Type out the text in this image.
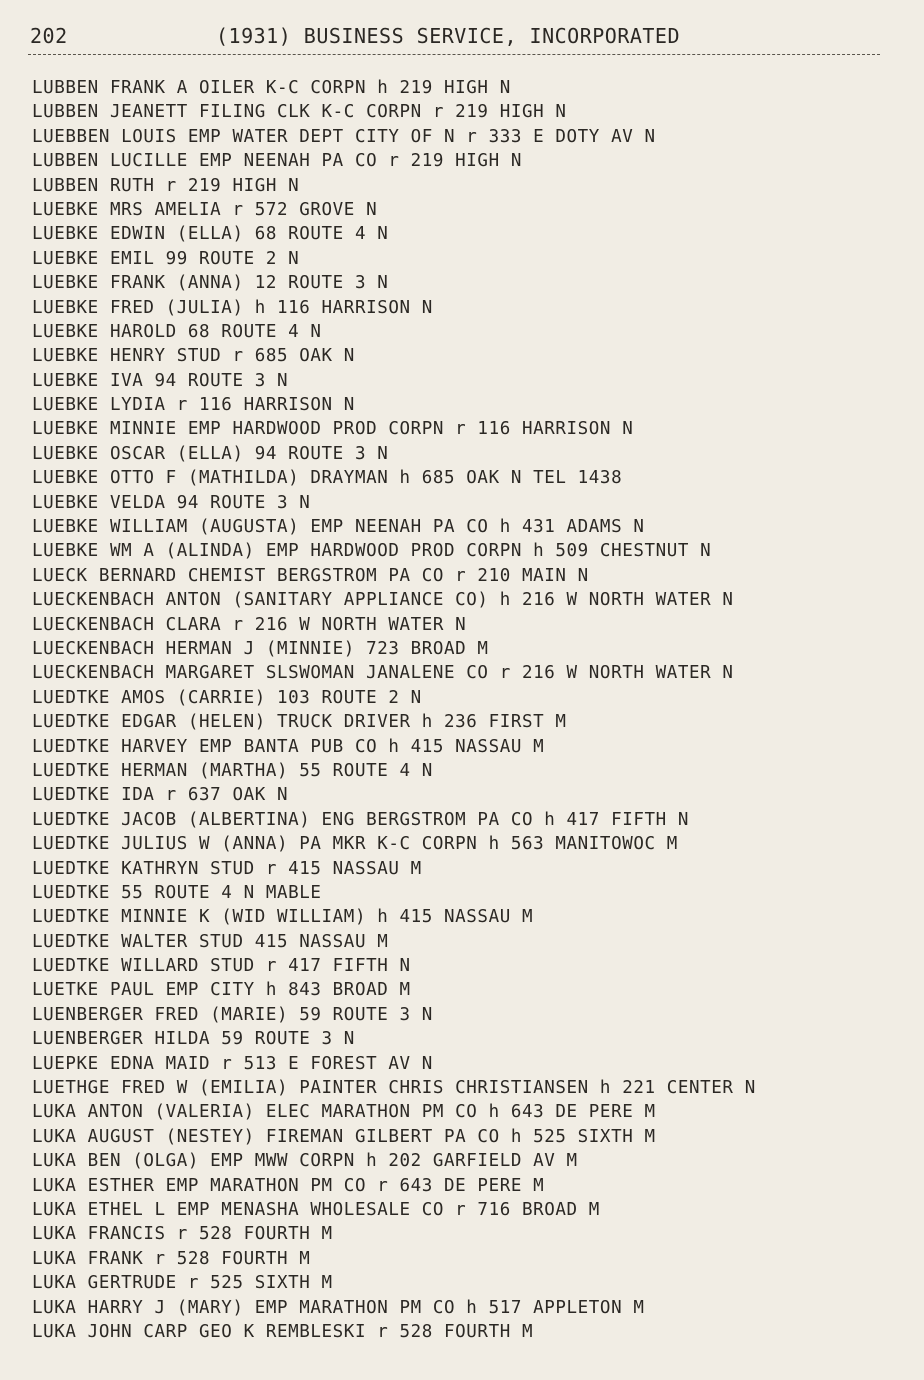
202	(1931) BUSINESS SERVICE, INCORPORATED
LUBBEN FRANK A OILER K-C CORPN h 219 HIGH N
LUBBEN JEANETT FILING CLK K-C CORPN r 219 HIGH N
LUEBBEN LOUIS EMP WATER DEPT CITY OF N r 333 E DOTY AV N
LUBBEN LUCILLE EMP NEENAH PA CO r 219 HIGH N
LUBBEN RUTH r 219 HIGH N
LUEBKE MRS AMELIA r 572 GROVE N
LUEBKE EDWIN (ELLA) 68 ROUTE 4 N
LUEBKE EMIL 99 ROUTE 2 N
LUEBKE FRANK (ANNA) 12 ROUTE 3 N
LUEBKE FRED (JULIA) h 116 HARRISON N
LUEBKE HAROLD 68 ROUTE 4 N
LUEBKE HENRY STUD r 685 OAK N
LUEBKE IVA 94 ROUTE 3 N
LUEBKE LYDIA r 116 HARRISON N
LUEBKE MINNIE EMP HARDWOOD PROD CORPN r 116 HARRISON N
LUEBKE OSCAR (ELLA) 94 ROUTE 3 N
LUEBKE OTTO F (MATHILDA) DRAYMAN h 685 OAK N TEL 1438
LUEBKE VELDA 94 ROUTE 3 N
LUEBKE WILLIAM (AUGUSTA) EMP NEENAH PA CO h 431 ADAMS N
LUEBKE WM A (ALINDA) EMP HARDWOOD PROD CORPN h 509 CHESTNUT N
LUECK BERNARD CHEMIST BERGSTROM PA CO r 210 MAIN N
LUECKENBACH ANTON (SANITARY APPLIANCE CO) h 216 W NORTH WATER N
LUECKENBACH CLARA r 216 W NORTH WATER N
LUECKENBACH HERMAN J (MINNIE) 723 BROAD M
LUECKENBACH MARGARET SLSWOMAN JANALENE CO r 216 W NORTH WATER N
LUEDTKE AMOS (CARRIE) 103 ROUTE 2 N
LUEDTKE EDGAR (HELEN) TRUCK DRIVER h 236 FIRST M
LUEDTKE HARVEY EMP BANTA PUB CO h 415 NASSAU M
LUEDTKE HERMAN (MARTHA) 55 ROUTE 4 N
LUEDTKE IDA r 637 OAK N
LUEDTKE JACOB (ALBERTINA) ENG BERGSTROM PA CO h 417 FIFTH N
LUEDTKE JULIUS W (ANNA) PA MKR K-C CORPN h 563 MANITOWOC M
LUEDTKE KATHRYN STUD r 415 NASSAU M
LUEDTKE 55 ROUTE 4 N MABLE
LUEDTKE MINNIE K (WID WILLIAM) h 415 NASSAU M
LUEDTKE WALTER STUD 415 NASSAU M
LUEDTKE WILLARD STUD r 417 FIFTH N
LUETKE PAUL EMP CITY h 843 BROAD M
LUENBERGER FRED (MARIE) 59 ROUTE 3 N
LUENBERGER HILDA 59 ROUTE 3 N
LUEPKE EDNA MAID r 513 E FOREST AV N
LUETHGE FRED W (EMILIA) PAINTER CHRIS CHRISTIANSEN h 221 CENTER N
LUKA ANTON (VALERIA) ELEC MARATHON PM CO h 643 DE PERE M
LUKA AUGUST (NESTEY) FIREMAN GILBERT PA CO h 525 SIXTH M
LUKA BEN (OLGA) EMP MWW CORPN h 202 GARFIELD AV M
LUKA ESTHER EMP MARATHON PM CO r 643 DE PERE M
LUKA ETHEL L EMP MENASHA WHOLESALE CO r 716 BROAD M
LUKA FRANCIS r 528 FOURTH M
LUKA FRANK r 528 FOURTH M
LUKA GERTRUDE r 525 SIXTH M
LUKA HARRY J (MARY) EMP MARATHON PM CO h 517 APPLETON M
LUKA JOHN CARP GEO K REMBLESKI r 528 FOURTH M
